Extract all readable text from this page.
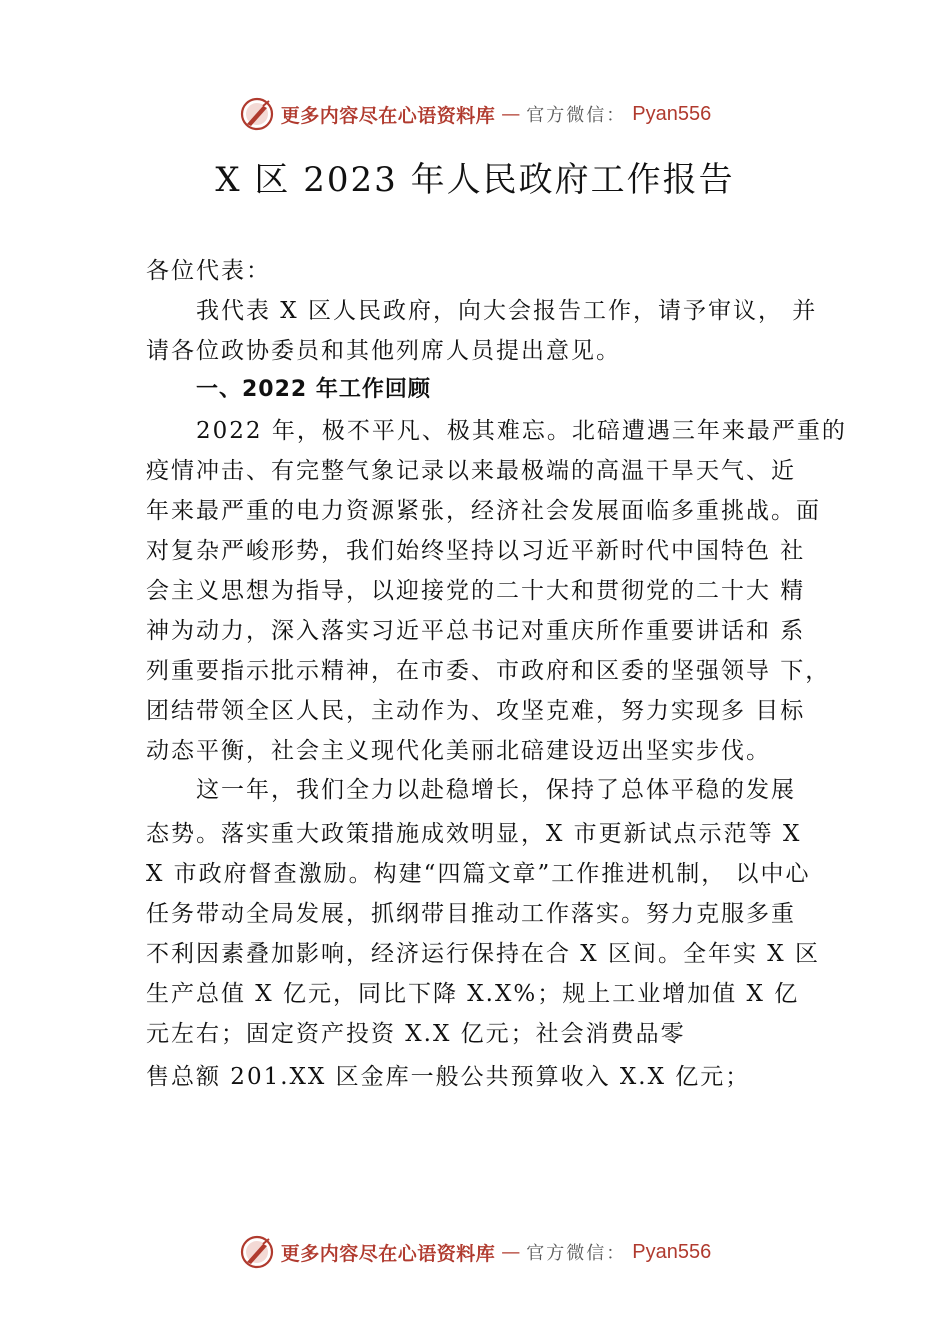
更多内容尽在心语资料库 — 官方微信： Pyan556
X 区 2023 年人民政府工作报告

各位代表：

我代表 X 区人民政府，向大会报告工作，请予审议， 并

请各位政协委员和其他列席人员提出意见。

一、2022 年工作回顾

2022 年，极不平凡、极其难忘。北碚遭遇三年来最严重的

疫情冲击、有完整气象记录以来最极端的高温干旱天气、近

年来最严重的电力资源紧张，经济社会发展面临多重挑战。面

对复杂严峻形势，我们始终坚持以习近平新时代中国特色 社

会主义思想为指导，以迎接党的二十大和贯彻党的二十大 精

神为动力，深入落实习近平总书记对重庆所作重要讲话和 系

列重要指示批示精神，在市委、市政府和区委的坚强领导 下，

团结带领全区人民，主动作为、攻坚克难，努力实现多 目标

动态平衡，社会主义现代化美丽北碚建设迈出坚实步伐。

这一年，我们全力以赴稳增长，保持了总体平稳的发展

态势。落实重大政策措施成效明显，X 市更新试点示范等 X

X 市政府督查激励。构建“四篇文章”工作推进机制， 以中心

任务带动全局发展，抓纲带目推动工作落实。努力克服多重

不利因素叠加影响，经济运行保持在合 X 区间。全年实 X 区

生产总值 X 亿元，同比下降 X.X%；规上工业增加值 X 亿

元左右；固定资产投资 X.X 亿元；社会消费品零

售总额 201.XX 区金库一般公共预算收入 X.X 亿元；

更多内容尽在心语资料库 — 官方微信： Pyan556
